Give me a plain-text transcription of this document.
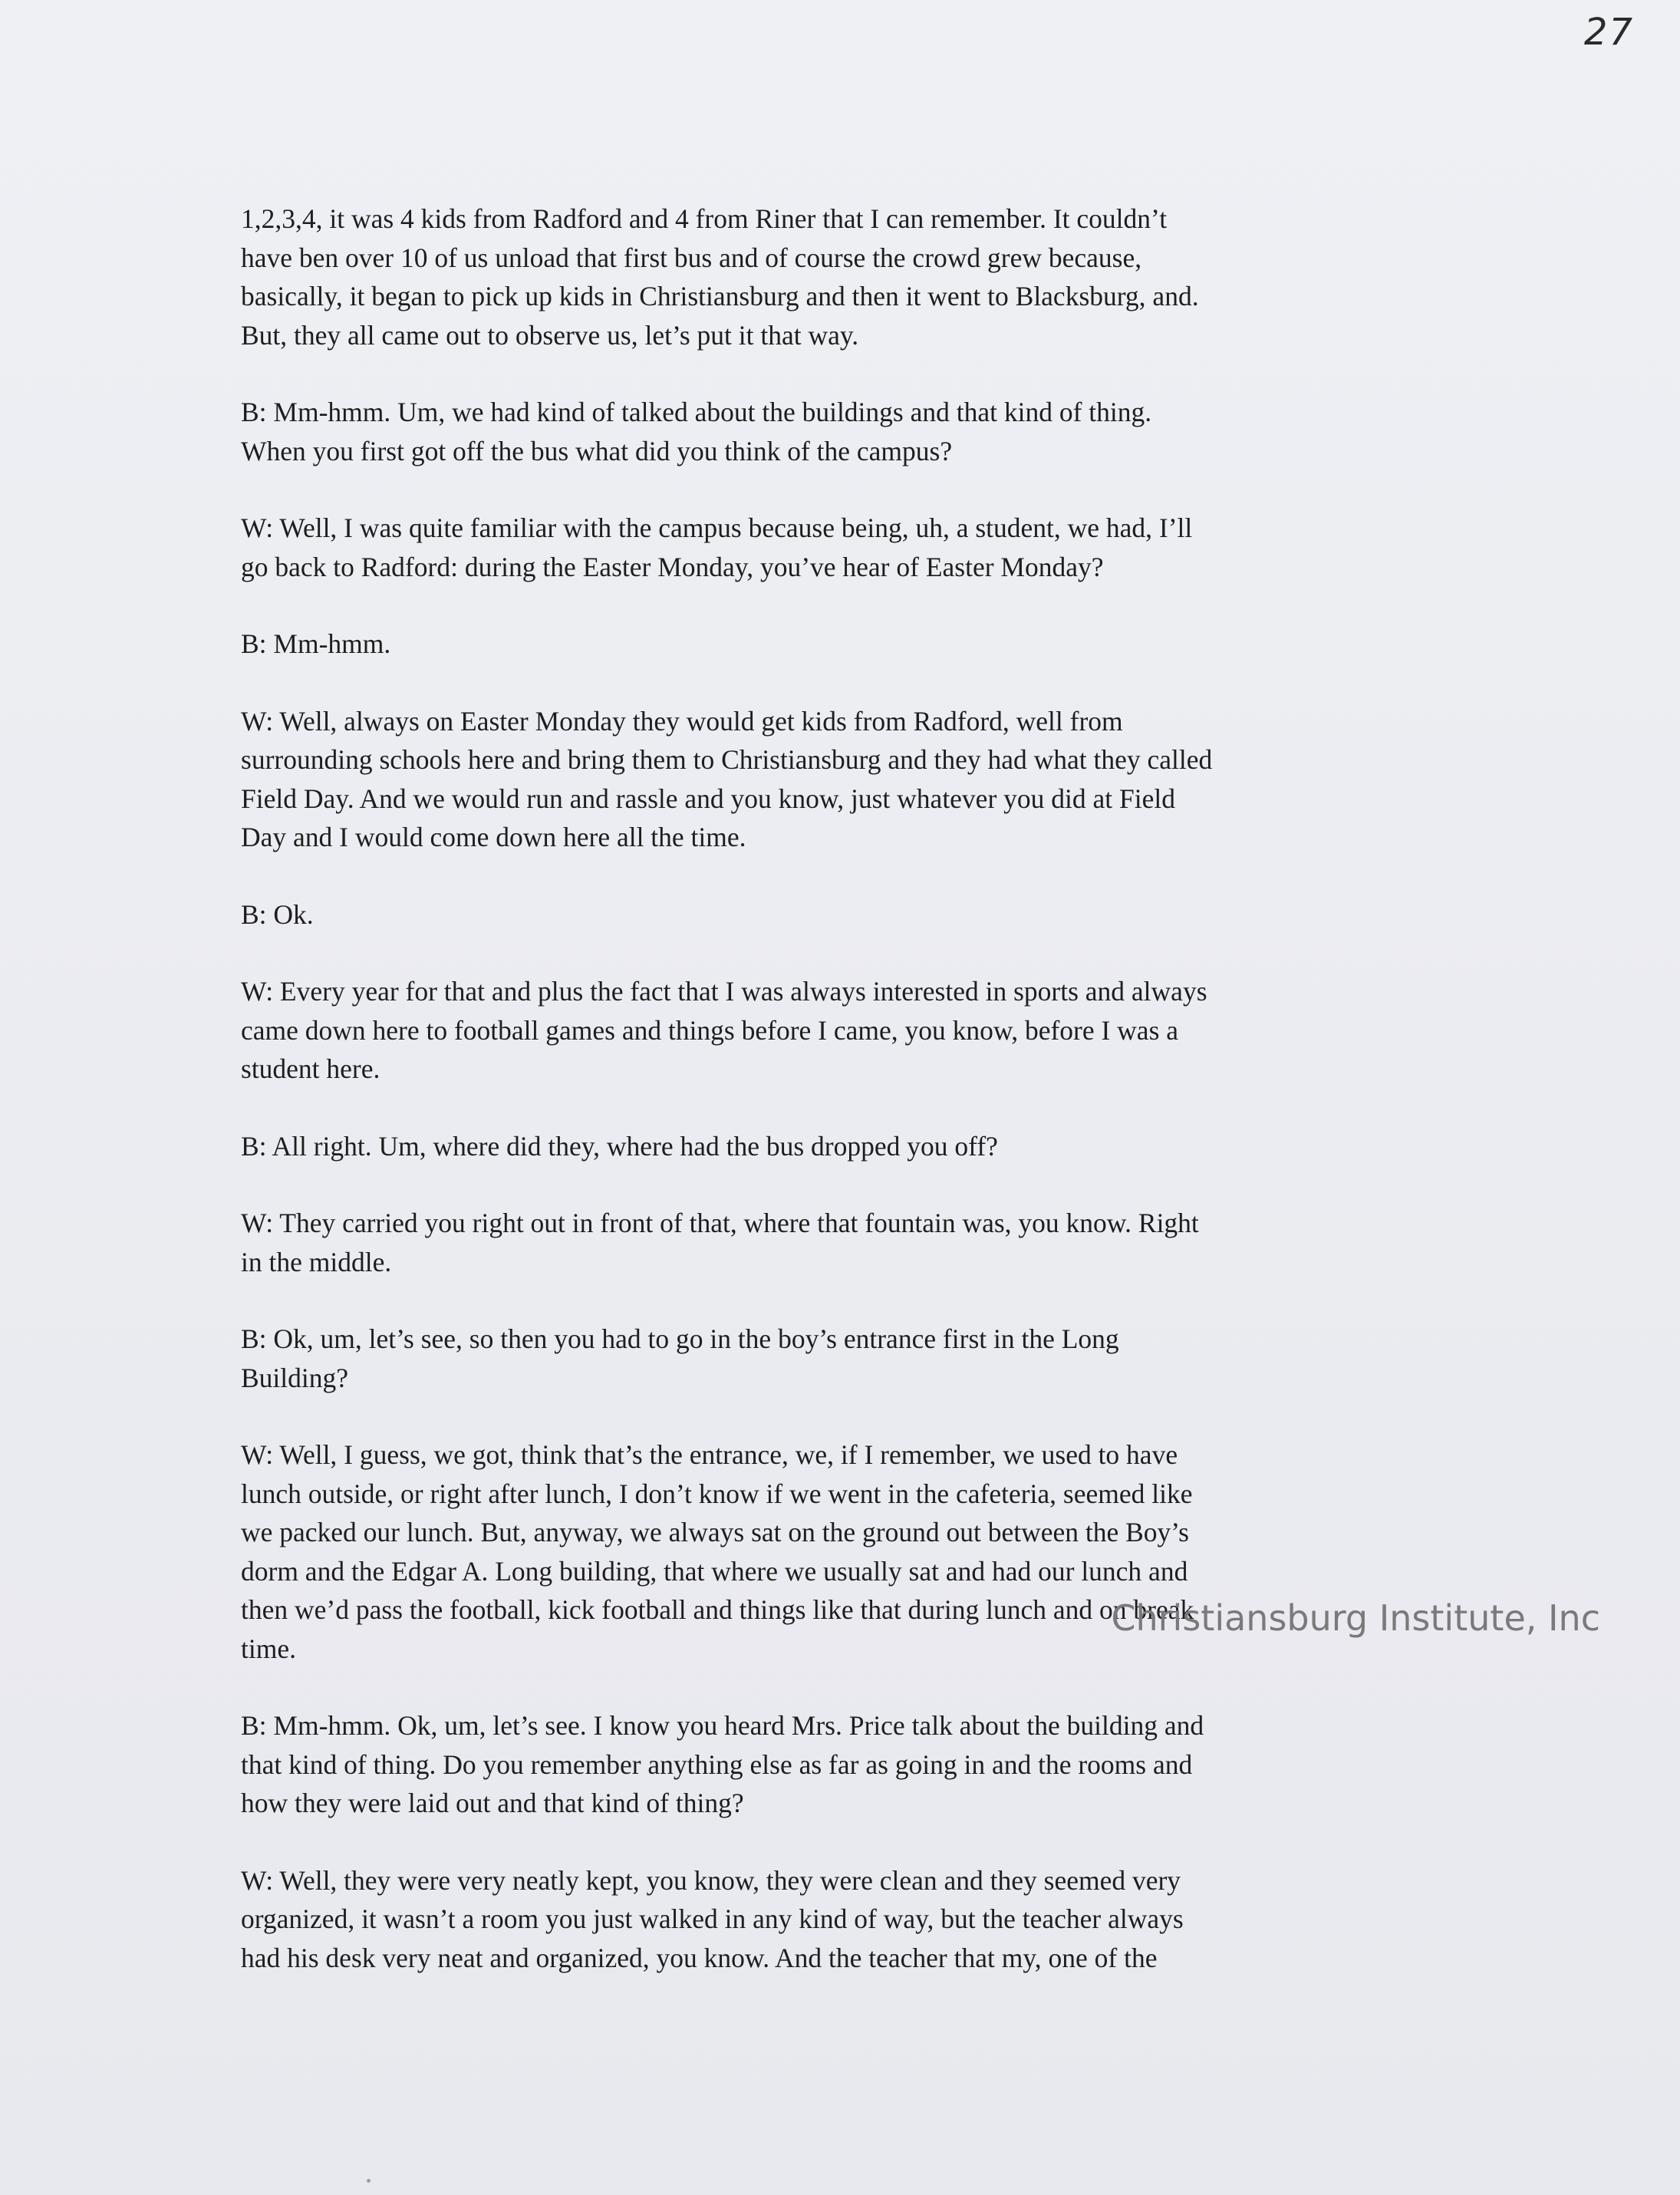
27

1,2,3,4, it was 4 kids from Radford and 4 from Riner that I can remember. It couldn’t
have ben over 10 of us unload that first bus and of course the crowd grew because,
basically, it began to pick up kids in Christiansburg and then it went to Blacksburg, and.
But, they all came out to observe us, let’s put it that way.

B: Mm-hmm. Um, we had kind of talked about the buildings and that kind of thing.
When you first got off the bus what did you think of the campus?

W: Well, I was quite familiar with the campus because being, uh, a student, we had, I’ll
go back to Radford: during the Easter Monday, you’ve hear of Easter Monday?

B: Mm-hmm.

W: Well, always on Easter Monday they would get kids from Radford, well from
surrounding schools here and bring them to Christiansburg and they had what they called
Field Day. And we would run and rassle and you know, just whatever you did at Field
Day and I would come down here all the time.

B: Ok.

W: Every year for that and plus the fact that I was always interested in sports and always
came down here to football games and things before I came, you know, before I was a
student here.

B: All right. Um, where did they, where had the bus dropped you off?

W: They carried you right out in front of that, where that fountain was, you know. Right
in the middle.

B: Ok, um, let’s see, so then you had to go in the boy’s entrance first in the Long
Building?

W: Well, I guess, we got, think that’s the entrance, we, if I remember, we used to have
lunch outside, or right after lunch, I don’t know if we went in the cafeteria, seemed like
we packed our lunch. But, anyway, we always sat on the ground out between the Boy’s
dorm and the Edgar A. Long building, that where we usually sat and had our lunch and
then we’d pass the football, kick football and things like that during lunch and on break
time.

B: Mm-hmm. Ok, um, let’s see. I know you heard Mrs. Price talk about the building and
that kind of thing. Do you remember anything else as far as going in and the rooms and
how they were laid out and that kind of thing?

W: Well, they were very neatly kept, you know, they were clean and they seemed very
organized, it wasn’t a room you just walked in any kind of way, but the teacher always
had his desk very neat and organized, you know. And the teacher that my, one of the

Christiansburg Institute, Inc
